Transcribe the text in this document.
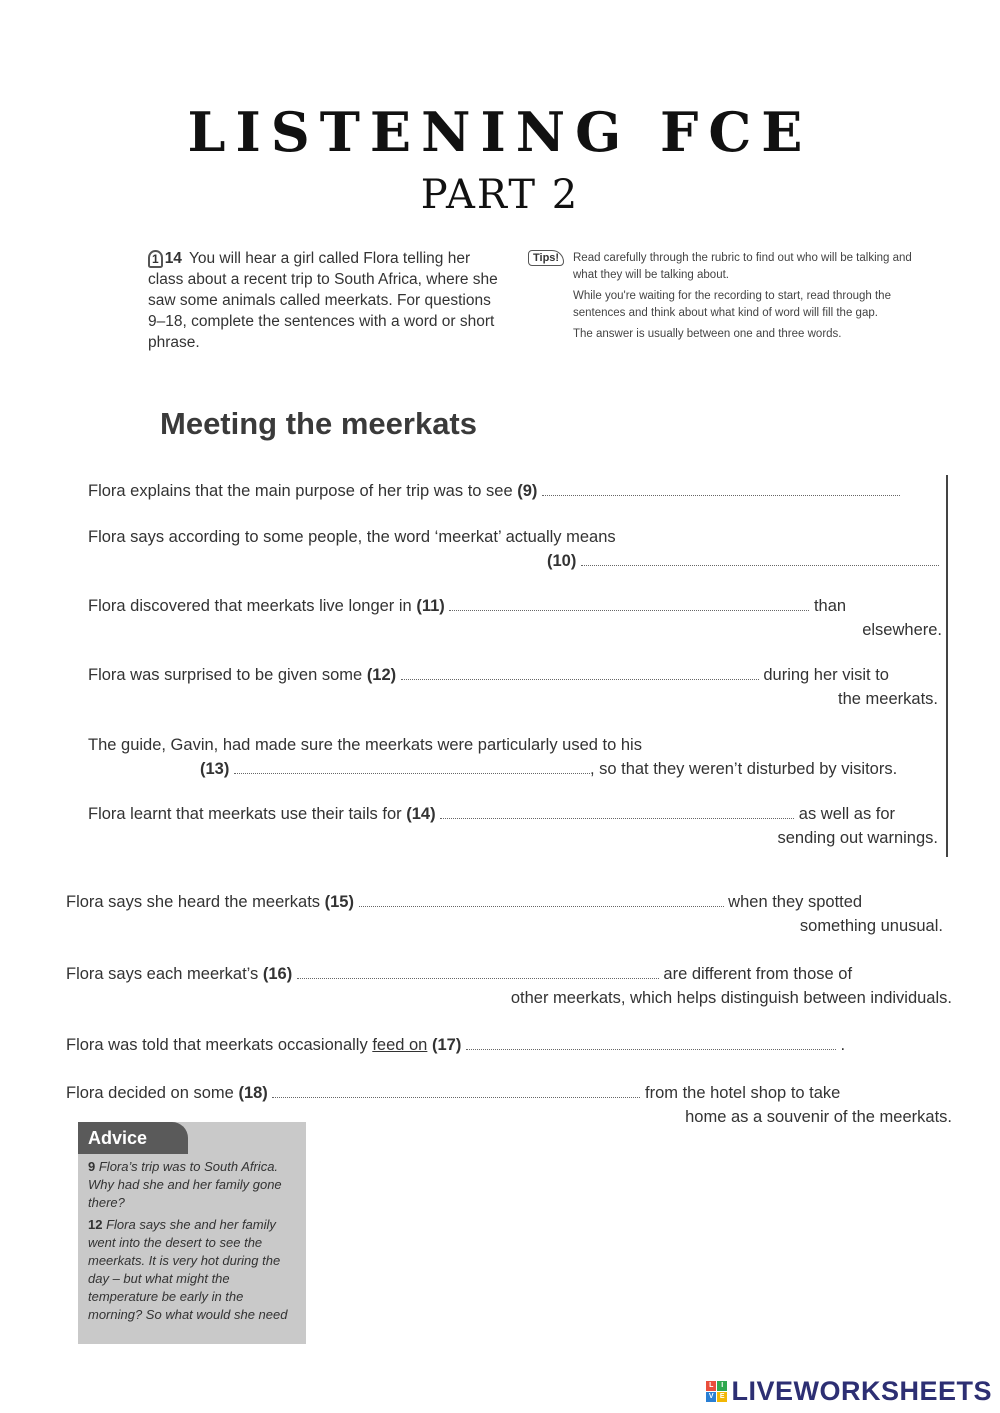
LISTENING FCE
PART 2
1 14 You will hear a girl called Flora telling her class about a recent trip to South Africa, where she saw some animals called meerkats. For questions 9–18, complete the sentences with a word or short phrase.
Tips!	Read carefully through the rubric to find out who will be talking and what they will be talking about.

While you're waiting for the recording to start, read through the sentences and think about what kind of word will fill the gap.

The answer is usually between one and three words.

Meeting the meerkats
Flora explains that the main purpose of her trip was to see (9)
Flora says according to some people, the word ‘meerkat’ actually means
(10)
Flora discovered that meerkats live longer in (11)	than
elsewhere.
Flora was surprised to be given some (12)	during her visit to
the meerkats.
The guide, Gavin, had made sure the meerkats were particularly used to his
(13)	, so that they weren’t disturbed by visitors.
Flora learnt that meerkats use their tails for (14)	as well as for
sending out warnings.
Flora says she heard the meerkats (15)	when they spotted
something unusual.
Flora says each meerkat’s (16)	are different from those of
other meerkats, which helps distinguish between individuals.
Flora was told that meerkats occasionally feed on (17)	.
Flora decided on some (18)	from the hotel shop to take
home as a souvenir of the meerkats.
Advice

9 Flora’s trip was to South Africa. Why had she and her family gone there?

12 Flora says she and her family went into the desert to see the meerkats. It is very hot during the day – but what might the temperature be early in the morning? So what would she need

L	I
V E LIVEWORKSHEETS
